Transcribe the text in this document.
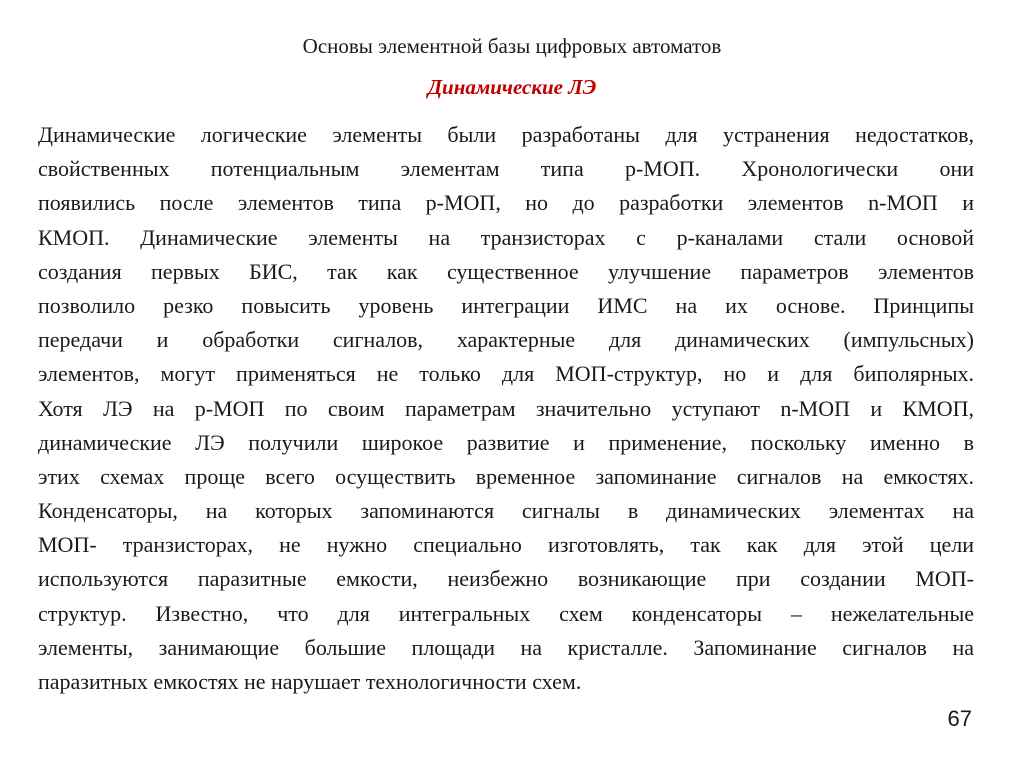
Основы элементной базы цифровых автоматов
Динамические ЛЭ
Динамические логические элементы были разработаны для устранения недостатков,
свойственных потенциальным элементам типа р-МОП. Хронологически они
появились после элементов типа р-МОП, но до разработки элементов n-МОП и
КМОП. Динамические элементы на транзисторах с р-каналами стали основой
создания первых БИС, так как существенное улучшение параметров элементов
позволило резко повысить уровень интеграции ИМС на их основе. Принципы
передачи и обработки сигналов, характерные для динамических (импульсных)
элементов, могут применяться не только для МОП-структур, но и для биполярных.
Хотя ЛЭ на р-МОП по своим параметрам значительно уступают n-МОП и КМОП,
динамические ЛЭ получили широкое развитие и применение, поскольку именно в
этих схемах проще всего осуществить временное запоминание сигналов на емкостях.
Конденсаторы, на которых запоминаются сигналы в динамических элементах на
МОП- транзисторах, не нужно специально изготовлять, так как для этой цели
используются паразитные емкости, неизбежно возникающие при создании МОП-
структур. Известно, что для интегральных схем конденсаторы – нежелательные
элементы, занимающие большие площади на кристалле. Запоминание сигналов на
паразитных емкостях не нарушает технологичности схем.
67
